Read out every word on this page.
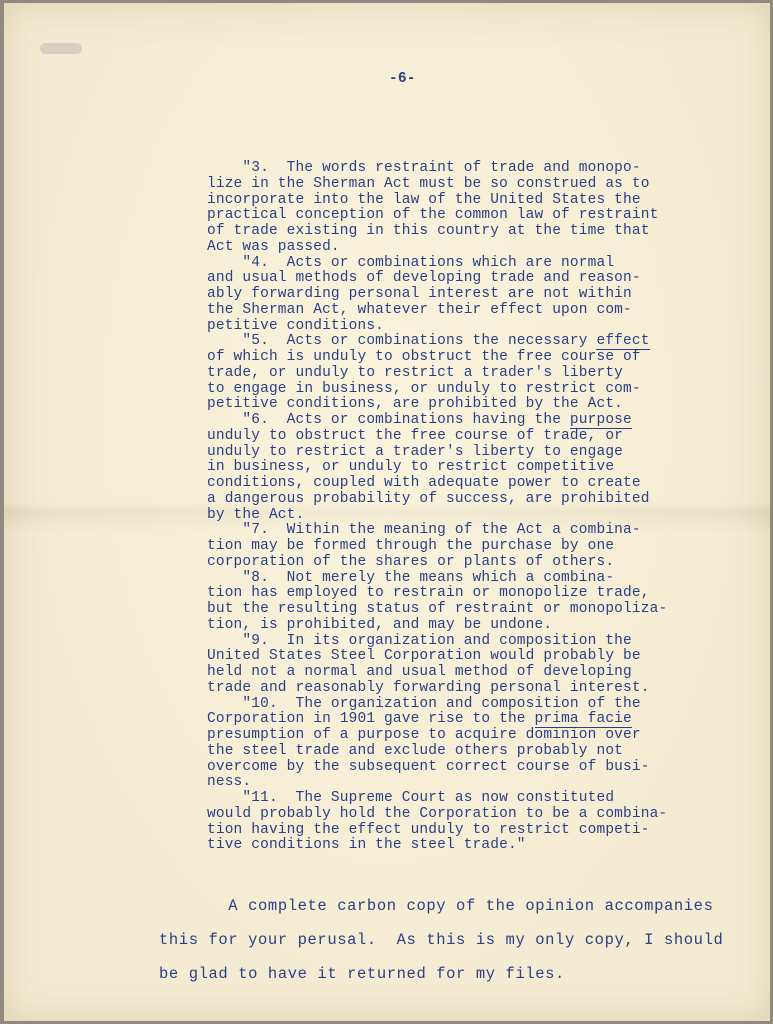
-6-
"3.  The words restraint of trade and monopo-
lize in the Sherman Act must be so construed as to
incorporate into the law of the United States the
practical conception of the common law of restraint
of trade existing in this country at the time that
Act was passed.
"4.  Acts or combinations which are normal
and usual methods of developing trade and reason-
ably forwarding personal interest are not within
the Sherman Act, whatever their effect upon com-
petitive conditions.
"5.  Acts or combinations the necessary effect
of which is unduly to obstruct the free course of
trade, or unduly to restrict a trader's liberty
to engage in business, or unduly to restrict com-
petitive conditions, are prohibited by the Act.
"6.  Acts or combinations having the purpose
unduly to obstruct the free course of trade, or
unduly to restrict a trader's liberty to engage
in business, or unduly to restrict competitive
conditions, coupled with adequate power to create
a dangerous probability of success, are prohibited
by the Act.
"7.  Within the meaning of the Act a combina-
tion may be formed through the purchase by one
corporation of the shares or plants of others.
"8.  Not merely the means which a combina-
tion has employed to restrain or monopolize trade,
but the resulting status of restraint or monopoliza-
tion, is prohibited, and may be undone.
"9.  In its organization and composition the
United States Steel Corporation would probably be
held not a normal and usual method of developing
trade and reasonably forwarding personal interest.
"10.  The organization and composition of the
Corporation in 1901 gave rise to the prima facie
presumption of a purpose to acquire dominion over
the steel trade and exclude others probably not
overcome by the subsequent correct course of busi-
ness.
"11.  The Supreme Court as now constituted
would probably hold the Corporation to be a combina-
tion having the effect unduly to restrict competi-
tive conditions in the steel trade."
A complete carbon copy of the opinion accompanies
this for your perusal.  As this is my only copy, I should
be glad to have it returned for my files.
